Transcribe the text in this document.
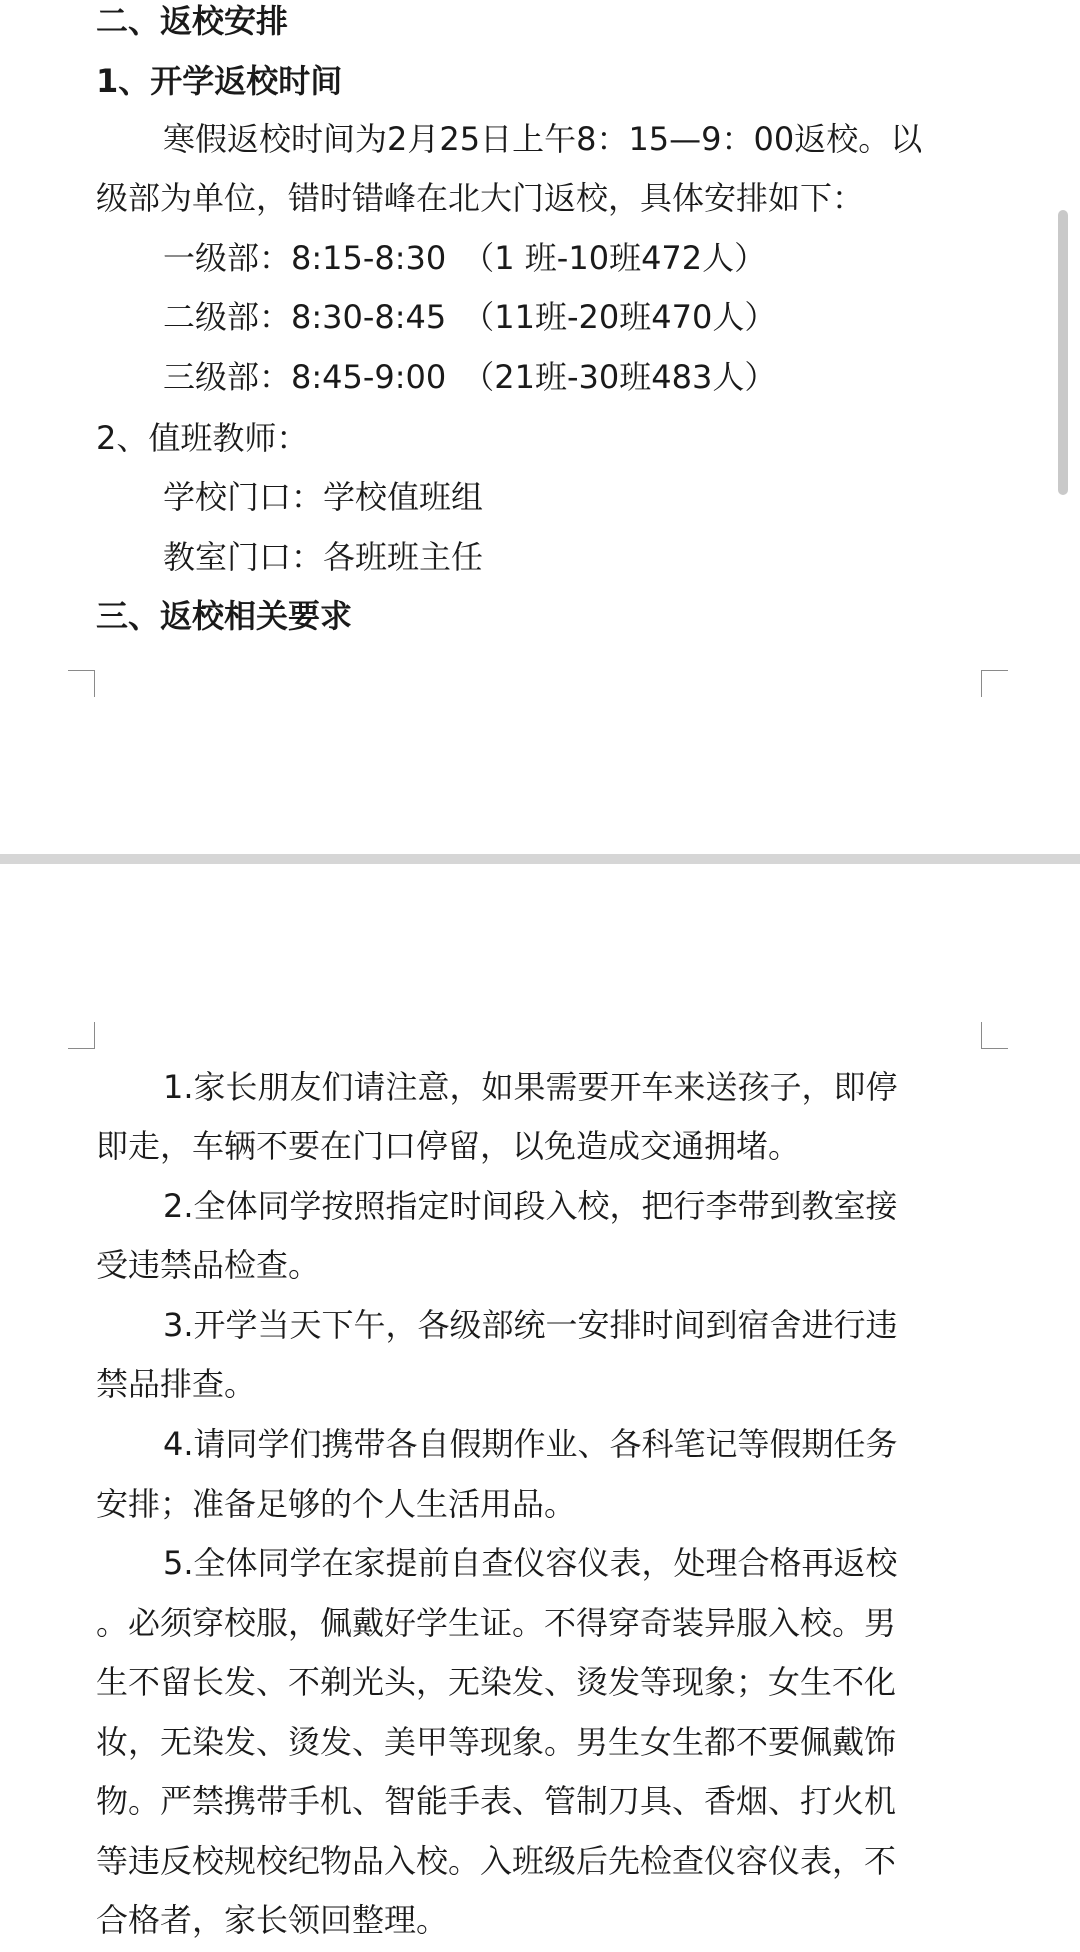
二、返校安排
1、开学返校时间
寒假返校时间为2月25日上午8：15—9：00返校。以
级部为单位，错时错峰在北大门返校，具体安排如下：
一级部：8:15-8:30　（1 班-10班472人）
二级部：8:30-8:45　（11班-20班470人）
三级部：8:45-9:00　（21班-30班483人）
2、值班教师：
学校门口：学校值班组
教室门口：各班班主任
三、返校相关要求
1.家长朋友们请注意，如果需要开车来送孩子，即停
即走，车辆不要在门口停留，以免造成交通拥堵。
2.全体同学按照指定时间段入校，把行李带到教室接
受违禁品检查。
3.开学当天下午，各级部统一安排时间到宿舍进行违
禁品排查。
4.请同学们携带各自假期作业、各科笔记等假期任务
安排；准备足够的个人生活用品。
5.全体同学在家提前自查仪容仪表，处理合格再返校
。必须穿校服，佩戴好学生证。不得穿奇装异服入校。男
生不留长发、不剃光头，无染发、烫发等现象；女生不化
妆，无染发、烫发、美甲等现象。男生女生都不要佩戴饰
物。严禁携带手机、智能手表、管制刀具、香烟、打火机
等违反校规校纪物品入校。入班级后先检查仪容仪表，不
合格者，家长领回整理。
